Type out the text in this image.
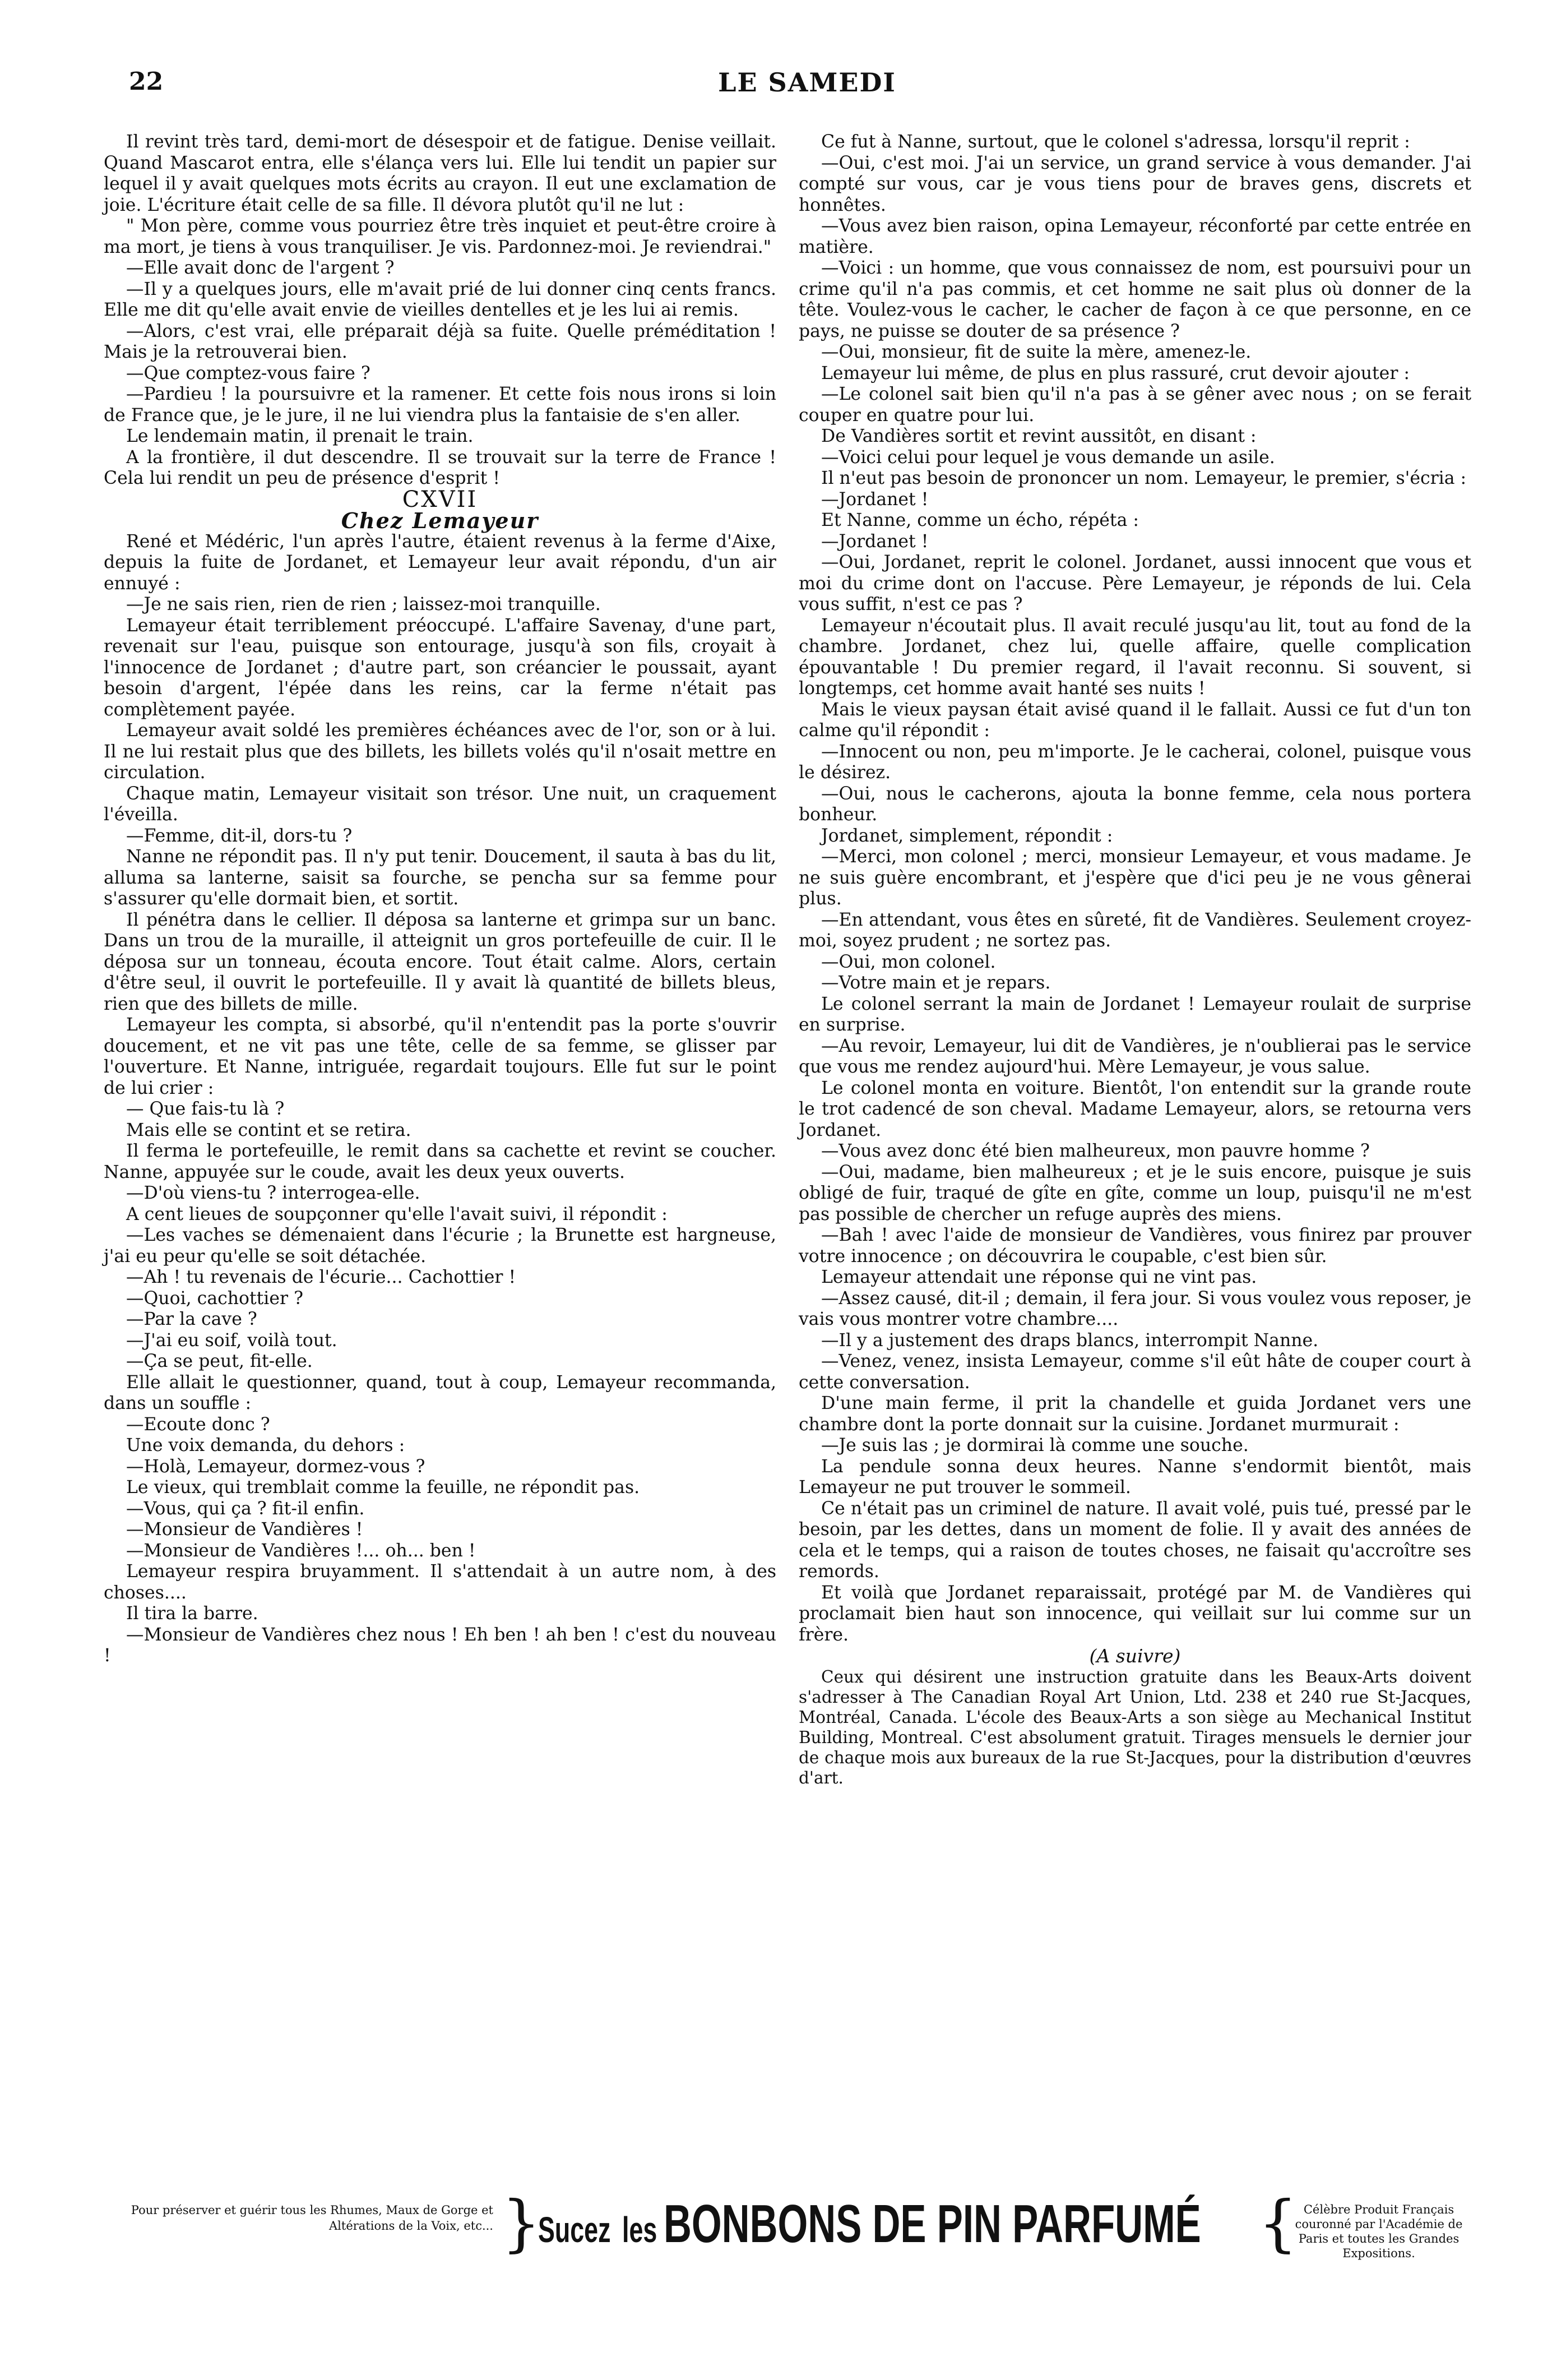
LE SAMEDI
22

Il revint très tard, demi-mort de désespoir et de fatigue. Denise veillait. Quand Mascarot entra, elle s'élança vers lui. Elle lui tendit un papier sur lequel il y avait quelques mots écrits au crayon. Il eut une exclamation de joie. L'écriture était celle de sa fille. Il dévora plutôt qu'il ne lut :

" Mon père, comme vous pourriez être très inquiet et peut-être croire à ma mort, je tiens à vous tranquiliser. Je vis. Pardonnez-moi. Je reviendrai."

—Elle avait donc de l'argent ?

—Il y a quelques jours, elle m'avait prié de lui donner cinq cents francs. Elle me dit qu'elle avait envie de vieilles dentelles et je les lui ai remis.

—Alors, c'est vrai, elle préparait déjà sa fuite. Quelle préméditation ! Mais je la retrouverai bien.

—Que comptez-vous faire ?

—Pardieu ! la poursuivre et la ramener. Et cette fois nous irons si loin de France que, je le jure, il ne lui viendra plus la fantaisie de s'en aller.

Le lendemain matin, il prenait le train.

A la frontière, il dut descendre. Il se trouvait sur la terre de France ! Cela lui rendit un peu de présence d'esprit !

CXVII

Chez Lemayeur

René et Médéric, l'un après l'autre, étaient revenus à la ferme d'Aixe, depuis la fuite de Jordanet, et Lemayeur leur avait répondu, d'un air ennuyé :

—Je ne sais rien, rien de rien ; laissez-moi tranquille.

Lemayeur était terriblement préoccupé. L'affaire Savenay, d'une part, revenait sur l'eau, puisque son entourage, jusqu'à son fils, croyait à l'innocence de Jordanet ; d'autre part, son créancier le poussait, ayant besoin d'argent, l'épée dans les reins, car la ferme n'était pas complètement payée.

Lemayeur avait soldé les premières échéances avec de l'or, son or à lui. Il ne lui restait plus que des billets, les billets volés qu'il n'osait mettre en circulation.

Chaque matin, Lemayeur visitait son trésor. Une nuit, un craquement l'éveilla.

—Femme, dit-il, dors-tu ?

Nanne ne répondit pas. Il n'y put tenir. Doucement, il sauta à bas du lit, alluma sa lanterne, saisit sa fourche, se pencha sur sa femme pour s'assurer qu'elle dormait bien, et sortit.

Il pénétra dans le cellier. Il déposa sa lanterne et grimpa sur un banc. Dans un trou de la muraille, il atteignit un gros portefeuille de cuir. Il le déposa sur un tonneau, écouta encore. Tout était calme. Alors, certain d'être seul, il ouvrit le portefeuille. Il y avait là quantité de billets bleus, rien que des billets de mille.

Lemayeur les compta, si absorbé, qu'il n'entendit pas la porte s'ouvrir doucement, et ne vit pas une tête, celle de sa femme, se glisser par l'ouverture. Et Nanne, intriguée, regardait toujours. Elle fut sur le point de lui crier :

— Que fais-tu là ?

Mais elle se contint et se retira.

Il ferma le portefeuille, le remit dans sa cachette et revint se coucher. Nanne, appuyée sur le coude, avait les deux yeux ouverts.

—D'où viens-tu ? interrogea-elle.

A cent lieues de soupçonner qu'elle l'avait suivi, il répondit :

—Les vaches se démenaient dans l'écurie ; la Brunette est hargneuse, j'ai eu peur qu'elle se soit détachée.

—Ah ! tu revenais de l'écurie... Cachottier !

—Quoi, cachottier ?

—Par la cave ?

—J'ai eu soif, voilà tout.

—Ça se peut, fit-elle.

Elle allait le questionner, quand, tout à coup, Lemayeur recommanda, dans un souffle :

—Ecoute donc ?

Une voix demanda, du dehors :

—Holà, Lemayeur, dormez-vous ?

Le vieux, qui tremblait comme la feuille, ne répondit pas.

—Vous, qui ça ? fit-il enfin.

—Monsieur de Vandières !

—Monsieur de Vandières !... oh... ben !

Lemayeur respira bruyamment. Il s'attendait à un autre nom, à des choses....

Il tira la barre.

—Monsieur de Vandières chez nous ! Eh ben ! ah ben ! c'est du nouveau !

Ce fut à Nanne, surtout, que le colonel s'adressa, lorsqu'il reprit :

—Oui, c'est moi. J'ai un service, un grand service à vous demander. J'ai compté sur vous, car je vous tiens pour de braves gens, discrets et honnêtes.

—Vous avez bien raison, opina Lemayeur, réconforté par cette entrée en matière.

—Voici : un homme, que vous connaissez de nom, est poursuivi pour un crime qu'il n'a pas commis, et cet homme ne sait plus où donner de la tête. Voulez-vous le cacher, le cacher de façon à ce que personne, en ce pays, ne puisse se douter de sa présence ?

—Oui, monsieur, fit de suite la mère, amenez-le.

Lemayeur lui même, de plus en plus rassuré, crut devoir ajouter :

—Le colonel sait bien qu'il n'a pas à se gêner avec nous ; on se ferait couper en quatre pour lui.

De Vandières sortit et revint aussitôt, en disant :

—Voici celui pour lequel je vous demande un asile.

Il n'eut pas besoin de prononcer un nom. Lemayeur, le premier, s'écria :

—Jordanet !

Et Nanne, comme un écho, répéta :

—Jordanet !

—Oui, Jordanet, reprit le colonel. Jordanet, aussi innocent que vous et moi du crime dont on l'accuse. Père Lemayeur, je réponds de lui. Cela vous suffit, n'est ce pas ?

Lemayeur n'écoutait plus. Il avait reculé jusqu'au lit, tout au fond de la chambre. Jordanet, chez lui, quelle affaire, quelle complication épouvantable ! Du premier regard, il l'avait reconnu. Si souvent, si longtemps, cet homme avait hanté ses nuits !

Mais le vieux paysan était avisé quand il le fallait. Aussi ce fut d'un ton calme qu'il répondit :

—Innocent ou non, peu m'importe. Je le cacherai, colonel, puisque vous le désirez.

—Oui, nous le cacherons, ajouta la bonne femme, cela nous portera bonheur.

Jordanet, simplement, répondit :

—Merci, mon colonel ; merci, monsieur Lemayeur, et vous madame. Je ne suis guère encombrant, et j'espère que d'ici peu je ne vous gênerai plus.

—En attendant, vous êtes en sûreté, fit de Vandières. Seulement croyez-moi, soyez prudent ; ne sortez pas.

—Oui, mon colonel.

—Votre main et je repars.

Le colonel serrant la main de Jordanet ! Lemayeur roulait de surprise en surprise.

—Au revoir, Lemayeur, lui dit de Vandières, je n'oublierai pas le service que vous me rendez aujourd'hui. Mère Lemayeur, je vous salue.

Le colonel monta en voiture. Bientôt, l'on entendit sur la grande route le trot cadencé de son cheval. Madame Lemayeur, alors, se retourna vers Jordanet.

—Vous avez donc été bien malheureux, mon pauvre homme ?

—Oui, madame, bien malheureux ; et je le suis encore, puisque je suis obligé de fuir, traqué de gîte en gîte, comme un loup, puisqu'il ne m'est pas possible de chercher un refuge auprès des miens.

—Bah ! avec l'aide de monsieur de Vandières, vous finirez par prouver votre innocence ; on découvrira le coupable, c'est bien sûr.

Lemayeur attendait une réponse qui ne vint pas.

—Assez causé, dit-il ; demain, il fera jour. Si vous voulez vous reposer, je vais vous montrer votre chambre....

—Il y a justement des draps blancs, interrompit Nanne.

—Venez, venez, insista Lemayeur, comme s'il eût hâte de couper court à cette conversation.

D'une main ferme, il prit la chandelle et guida Jordanet vers une chambre dont la porte donnait sur la cuisine. Jordanet murmurait :

—Je suis las ; je dormirai là comme une souche.

La pendule sonna deux heures. Nanne s'endormit bientôt, mais Lemayeur ne put trouver le sommeil.

Ce n'était pas un criminel de nature. Il avait volé, puis tué, pressé par le besoin, par les dettes, dans un moment de folie. Il y avait des années de cela et le temps, qui a raison de toutes choses, ne faisait qu'accroître ses remords.

Et voilà que Jordanet reparaissait, protégé par M. de Vandières qui proclamait bien haut son innocence, qui veillait sur lui comme sur un frère.

(A suivre)

Ceux qui désirent une instruction gratuite dans les Beaux-Arts doivent s'adresser à The Canadian Royal Art Union, Ltd. 238 et 240 rue St-Jacques, Montréal, Canada. L'école des Beaux-Arts a son siège au Mechanical Institut Building, Montreal. C'est absolument gratuit. Tirages mensuels le dernier jour de chaque mois aux bureaux de la rue St-Jacques, pour la distribution d'œuvres d'art.

Pour préserver et guérir tous les Rhumes, Maux de Gorge et Altérations de la Voix, etc... }
Sucez les BONBONS DE PIN PARFUMÉ { Célèbre Produit Français couronné par l'Académie de Paris et toutes les Grandes Expositions.
